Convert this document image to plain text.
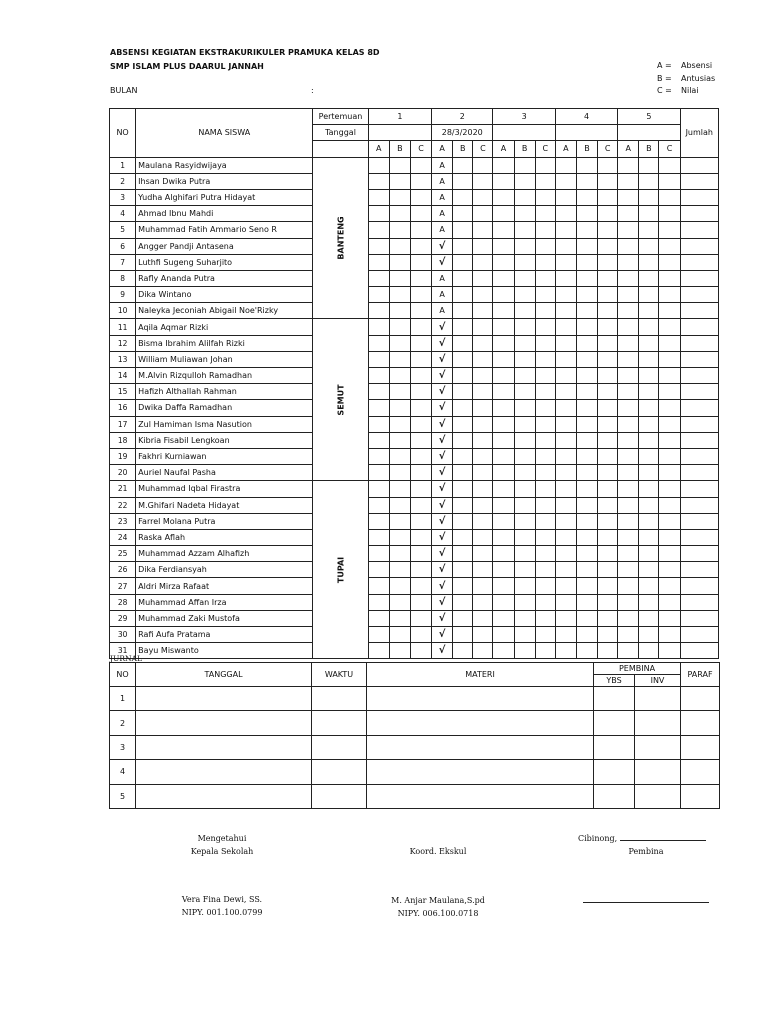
ABSENSI KEGIATAN EKSTRAKURIKULER PRAMUKA KELAS 8D
SMP ISLAM PLUS DAARUL JANNAH
BULAN	:
A = Absensi
B = Antusias
C = Nilai
NO	NAMA SISWA	Pertemuan	1			2			3			4			5			Jumlah
		Tanggal				28/3/2020												
			A	B	C	A	B	C	A	B	C	A	B	C	A	B	C	
1	Maulana Rasyidwijaya	BANTENG				A												
2	Ihsan Dwika Putra					A												
3	Yudha Alghifari Putra Hidayat					A												
4	Ahmad Ibnu Mahdi					A												
5	Muhammad Fatih Ammario Seno R					A												
6	Angger Pandji Antasena					√												
7	Luthfi Sugeng Suharjito					√												
8	Rafly Ananda Putra					A												
9	Dika Wintano					A												
10	Naleyka Jeconiah Abigail Noe'Rizky					A												
11	Aqila Aqmar Rizki	SEMUT				√												
12	Bisma Ibrahim Alilfah Rizki					√												
13	William Muliawan Johan					√												
14	M.Alvin Rizqulloh Ramadhan					√												
15	Hafizh Althallah Rahman					√												
16	Dwika Daffa Ramadhan					√												
17	Zul Hamiman Isma Nasution					√												
18	Kibria Fisabil Lengkoan					√												
19	Fakhri Kurniawan					√												
20	Auriel Naufal Pasha					√												
21	Muhammad Iqbal Firastra	TUPAI				√												
22	M.Ghifari Nadeta Hidayat					√												
23	Farrel Molana Putra					√												
24	Raska Aflah					√												
25	Muhammad Azzam Alhafizh					√												
26	Dika Ferdiansyah					√												
27	Aldri Mirza Rafaat					√												
28	Muhammad Affan Irza					√												
29	Muhammad Zaki Mustofa					√												
30	Rafi Aufa Pratama					√												
31	Bayu Miswanto					√												
JURNAL
NO	TANGGAL	WAKTU	MATERI	PEMBINA		PARAF
				YBS	INV	
1						
2						
3						
4						
5						
Mengetahui
Kepala Sekolah	Koord. Ekskul
Cibinong,
Pembina
Vera Fina Dewi, SS.
NIPY. 001.100.0799
M. Anjar Maulana,S.pd
NIPY. 006.100.0718
